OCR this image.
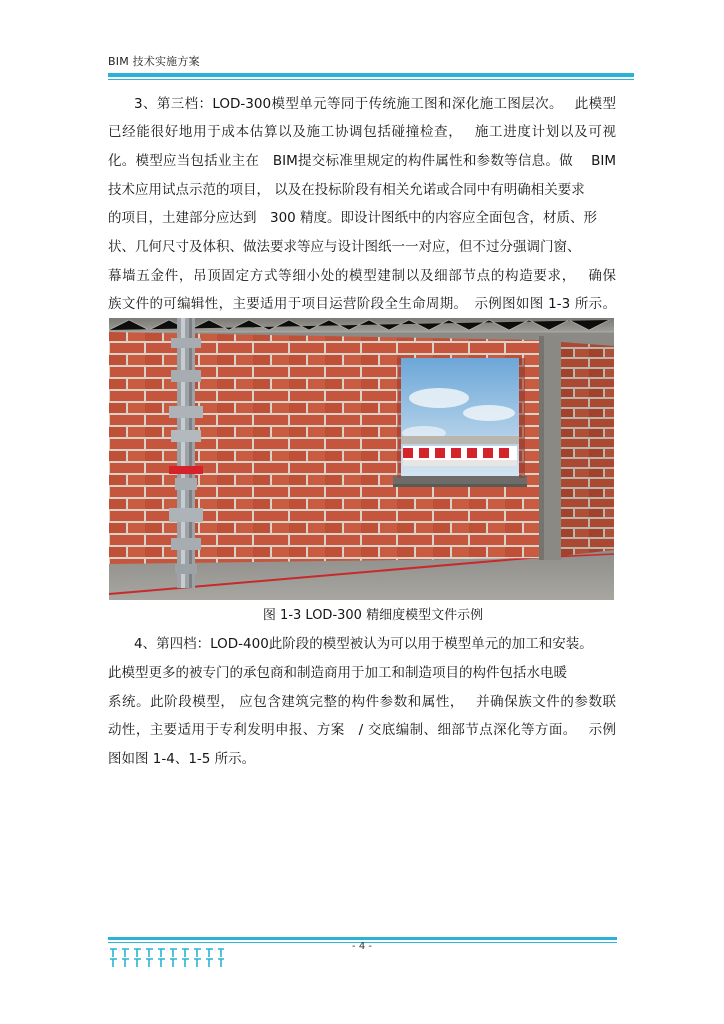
BIM 技术实施方案
3、第三档：LOD-300模型单元等同于传统施工图和深化施工图层次。　 此模型
已经能很好地用于成本估算以及施工协调包括碰撞检查，　 施工进度计划以及可视
化。模型应当包括业主在　BIM提交标准里规定的构件属性和参数等信息。做　 BIM
技术应用试点示范的项目， 以及在投标阶段有相关允诺或合同中有明确相关要求
的项目，土建部分应达到　300 精度。即设计图纸中的内容应全面包含，材质、形
状、几何尺寸及体积、做法要求等应与设计图纸一一对应，但不过分强调门窗、
幕墙五金件，吊顶固定方式等细小处的模型建制以及细部节点的构造要求，　 确保
族文件的可编辑性，主要适用于项目运营阶段全生命周期。　示例图如图 1-3 所示。
图 1-3 LOD-300 精细度模型文件示例
4、第四档：LOD-400此阶段的模型被认为可以用于模型单元的加工和安装。
此模型更多的被专门的承包商和制造商用于加工和制造项目的构件包括水电暖
系统。此阶段模型， 应包含建筑完整的构件参数和属性，　 并确保族文件的参数联
动性，主要适用于专利发明申报、方案　/ 交底编制、细部节点深化等方面。　 示例
图如图 1-4、1-5 所示。
- 4 -
